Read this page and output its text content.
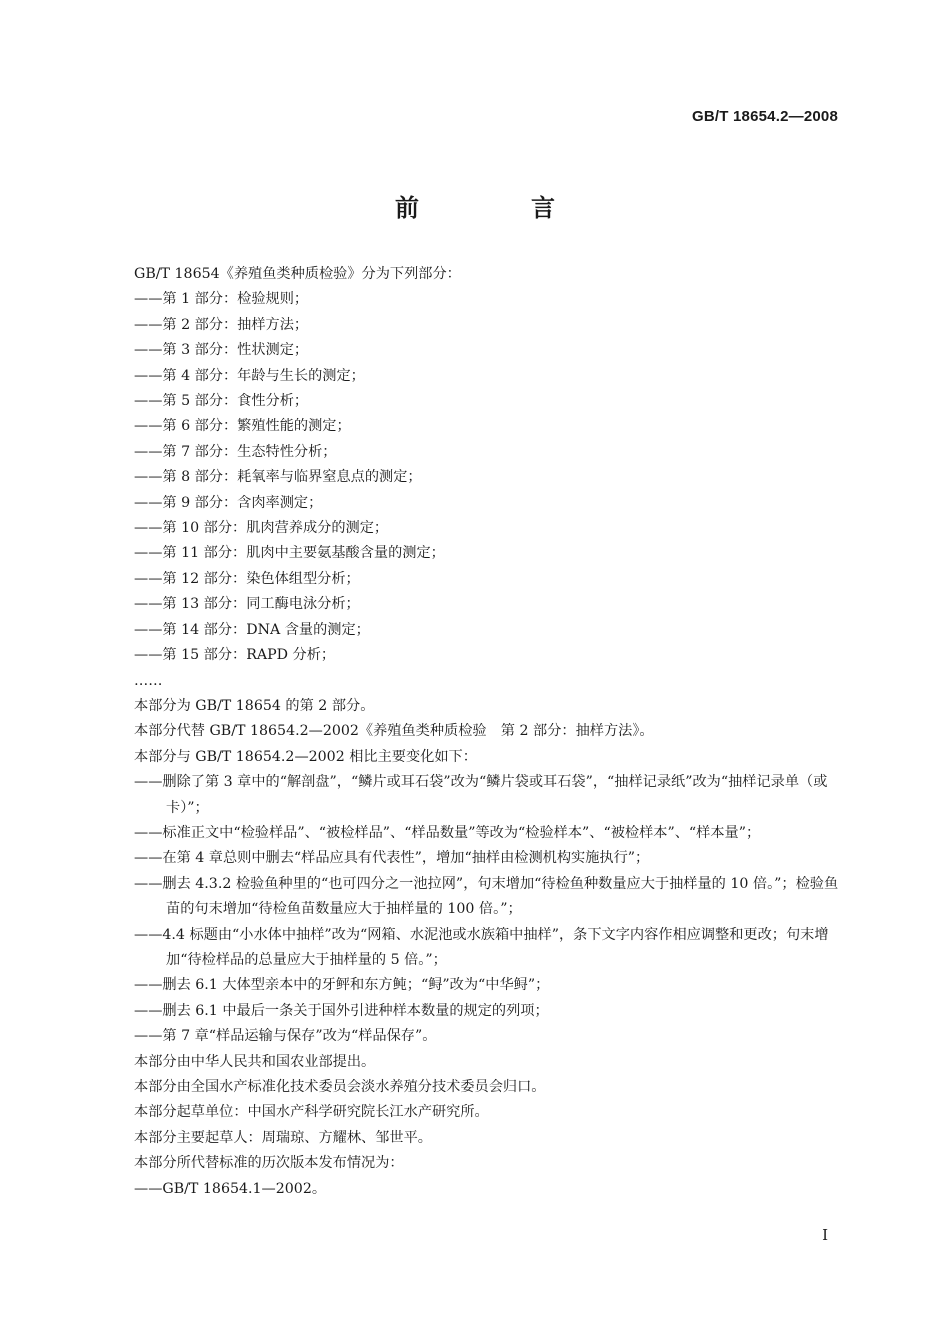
GB/T 18654.2—2008
前　言
GB/T 18654《养殖鱼类种质检验》分为下列部分：
——第 1 部分：检验规则；
——第 2 部分：抽样方法；
——第 3 部分：性状测定；
——第 4 部分：年龄与生长的测定；
——第 5 部分：食性分析；
——第 6 部分：繁殖性能的测定；
——第 7 部分：生态特性分析；
——第 8 部分：耗氧率与临界窒息点的测定；
——第 9 部分：含肉率测定；
——第 10 部分：肌肉营养成分的测定；
——第 11 部分：肌肉中主要氨基酸含量的测定；
——第 12 部分：染色体组型分析；
——第 13 部分：同工酶电泳分析；
——第 14 部分：DNA 含量的测定；
——第 15 部分：RAPD 分析；
……
本部分为 GB/T 18654 的第 2 部分。
本部分代替 GB/T 18654.2—2002《养殖鱼类种质检验　第 2 部分：抽样方法》。
本部分与 GB/T 18654.2—2002 相比主要变化如下：
——删除了第 3 章中的“解剖盘”，“鳞片或耳石袋”改为“鳞片袋或耳石袋”，“抽样记录纸”改为“抽样记录单（或卡）”；
——标准正文中“检验样品”、“被检样品”、“样品数量”等改为“检验样本”、“被检样本”、“样本量”；
——在第 4 章总则中删去“样品应具有代表性”，增加“抽样由检测机构实施执行”；
——删去 4.3.2 检验鱼种里的“也可四分之一池拉网”，句末增加“待检鱼种数量应大于抽样量的 10 倍。”；检验鱼苗的句末增加“待检鱼苗数量应大于抽样量的 100 倍。”；
——4.4 标题由“小水体中抽样”改为“网箱、水泥池或水族箱中抽样”，条下文字内容作相应调整和更改；句末增加“待检样品的总量应大于抽样量的 5 倍。”；
——删去 6.1 大体型亲本中的牙鲆和东方鲀；“鲟”改为“中华鲟”；
——删去 6.1 中最后一条关于国外引进种样本数量的规定的列项；
——第 7 章“样品运输与保存”改为“样品保存”。
本部分由中华人民共和国农业部提出。
本部分由全国水产标准化技术委员会淡水养殖分技术委员会归口。
本部分起草单位：中国水产科学研究院长江水产研究所。
本部分主要起草人：周瑞琼、方耀林、邹世平。
本部分所代替标准的历次版本发布情况为：
——GB/T 18654.1—2002。
I
